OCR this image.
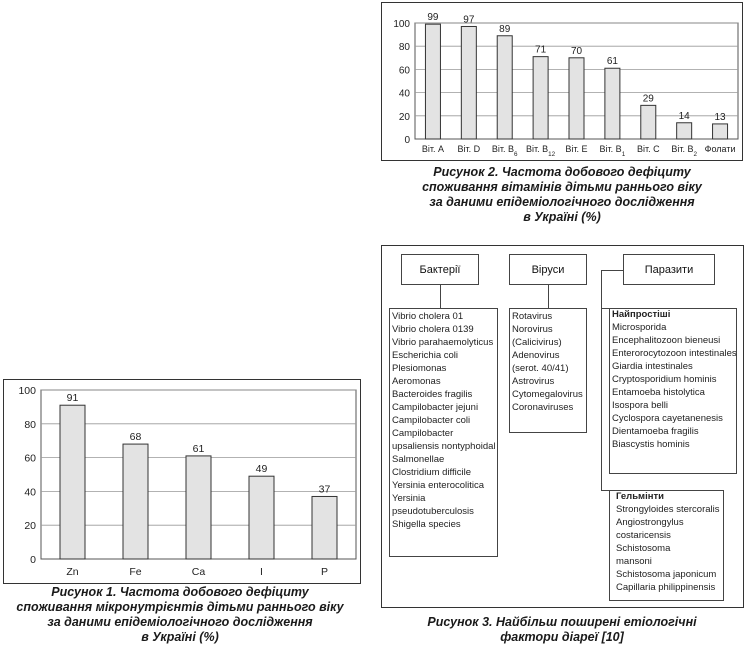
0
20
40
60
80
100
99
Віт. А
97
Віт. D
89
Віт. $B_6$
71
Віт. $B_{12}$
70
Віт. E
61
Віт. $B_1$
29
Віт. C
14
Віт. $B_2$
13
Фолати
Рисунок 2. Частота добового дефіциту
споживання вітамінів дітьми раннього віку
за даними епідеміологічного дослідження
в Україні (%)
0
20
40
60
80
100
91
Zn
68
Fe
61
Ca
49
I
37
P
Рисунок 1. Частота добового дефіциту
споживання мікронутрієнтів дітьми раннього віку
за даними епідеміологічного дослідження
в Україні (%)
Бактерії	Віруси	Паразити
Vibrio cholera 01
Vibrio cholera 0139
Vibrio parahaemolyticus
Escherichia coli
Plesiomonas
Aeromonas
Bacteroides fragilis
Campilobacter jejuni
Campilobacter coli
Campilobacter
upsaliensis nontyphoidal
Salmonellae
Clostridium difficile
Yersinia enterocolitica
Yersinia
pseudotuberculosis
Shigella species
Rotavirus
Norovirus
(Calicivirus)
Adenovirus
(serot. 40/41)
Astrovirus
Cytomegalovirus
Coronaviruses
Найпростіші
Microsporida
Encephalitozoon bieneusi
Enterorocytozoon intestinales
Giardia intestinales
Cryptosporidium hominis
Entamoeba histolytica
Isospora belli
Cyclospora cayetanenesis
Dientamoeba fragilis
Biascystis hominis
Гельмінти
Strongyloides stercoralis
Angiostrongylus
costaricensis
Schistosoma
mansoni
Schistosoma japonicum
Capillaria philippinensis
Рисунок 3. Найбільш поширені етіологічні
фактори діареї [10]
